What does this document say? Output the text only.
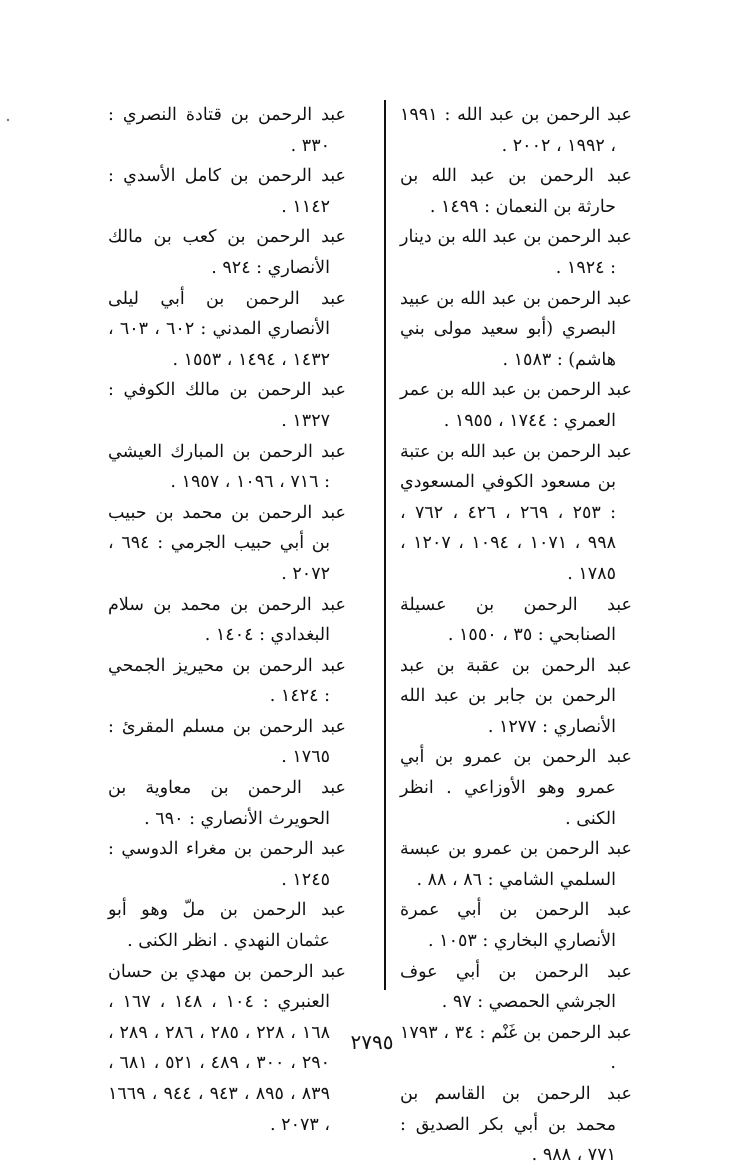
عبد الرحمن بن عبد الله : ١٩٩١ ، ١٩٩٢ ، ٢٠٠٢ .

عبد الرحمن بن عبد الله بن حارثة بن النعمان : ١٤٩٩ .

عبد الرحمن بن عبد الله بن دينار : ١٩٢٤ .

عبد الرحمن بن عبد الله بن عبيد البصري (أبو سعيد مولى بني هاشم) : ١٥٨٣ .

عبد الرحمن بن عبد الله بن عمر العمري : ١٧٤٤ ، ١٩٥٥ .

عبد الرحمن بن عبد الله بن عتبة بن مسعود الكوفي المسعودي : ٢٥٣ ، ٢٦٩ ، ٤٢٦ ، ٧٦٢ ، ٩٩٨ ، ١٠٧١ ، ١٠٩٤ ، ١٢٠٧ ، ١٧٨٥ .

عبد الرحمن بن عسيلة الصنابحي : ٣٥ ، ١٥٥٠ .

عبد الرحمن بن عقبة بن عبد الرحمن بن جابر بن عبد الله الأنصاري : ١٢٧٧ .

عبد الرحمن بن عمرو بن أبي عمرو وهو الأوزاعي . انظر الكنى .

عبد الرحمن بن عمرو بن عبسة السلمي الشامي : ٨٦ ، ٨٨ .

عبد الرحمن بن أبي عمرة الأنصاري البخاري : ١٠٥٣ .

عبد الرحمن بن أبي عوف الجرشي الحمصي : ٩٧ .

عبد الرحمن بن غَنْم : ٣٤ ، ١٧٩٣ .

عبد الرحمن بن القاسم بن محمد بن أبي بكر الصديق : ٧٧١ ، ٩٨٨ .

عبد الرحمن بن قتادة النصري : ٣٣٠ .

عبد الرحمن بن كامل الأسدي : ١١٤٢ .

عبد الرحمن بن كعب بن مالك الأنصاري : ٩٢٤ .

عبد الرحمن بن أبي ليلى الأنصاري المدني : ٦٠٢ ، ٦٠٣ ، ١٤٣٢ ، ١٤٩٤ ، ١٥٥٣ .

عبد الرحمن بن مالك الكوفي : ١٣٢٧ .

عبد الرحمن بن المبارك العيشي : ٧١٦ ، ١٠٩٦ ، ١٩٥٧ .

عبد الرحمن بن محمد بن حبيب بن أبي حبيب الجرمي : ٦٩٤ ، ٢٠٧٢ .

عبد الرحمن بن محمد بن سلام البغدادي : ١٤٠٤ .

عبد الرحمن بن محيريز الجمحي : ١٤٢٤ .

عبد الرحمن بن مسلم المقرئ : ١٧٦٥ .

عبد الرحمن بن معاوية بن الحويرث الأنصاري : ٦٩٠ .

عبد الرحمن بن مغراء الدوسي : ١٢٤٥ .

عبد الرحمن بن ملّ وهو أبو عثمان النهدي . انظر الكنى .

عبد الرحمن بن مهدي بن حسان العنبري : ١٠٤ ، ١٤٨ ، ١٦٧ ، ١٦٨ ، ٢٢٨ ، ٢٨٥ ، ٢٨٦ ، ٢٨٩ ، ٢٩٠ ، ٣٠٠ ، ٤٨٩ ، ٥٢١ ، ٦٨١ ، ٨٣٩ ، ٨٩٥ ، ٩٤٣ ، ٩٤٤ ، ١٦٦٩ ، ٢٠٧٣ .

٢٧٩٥
